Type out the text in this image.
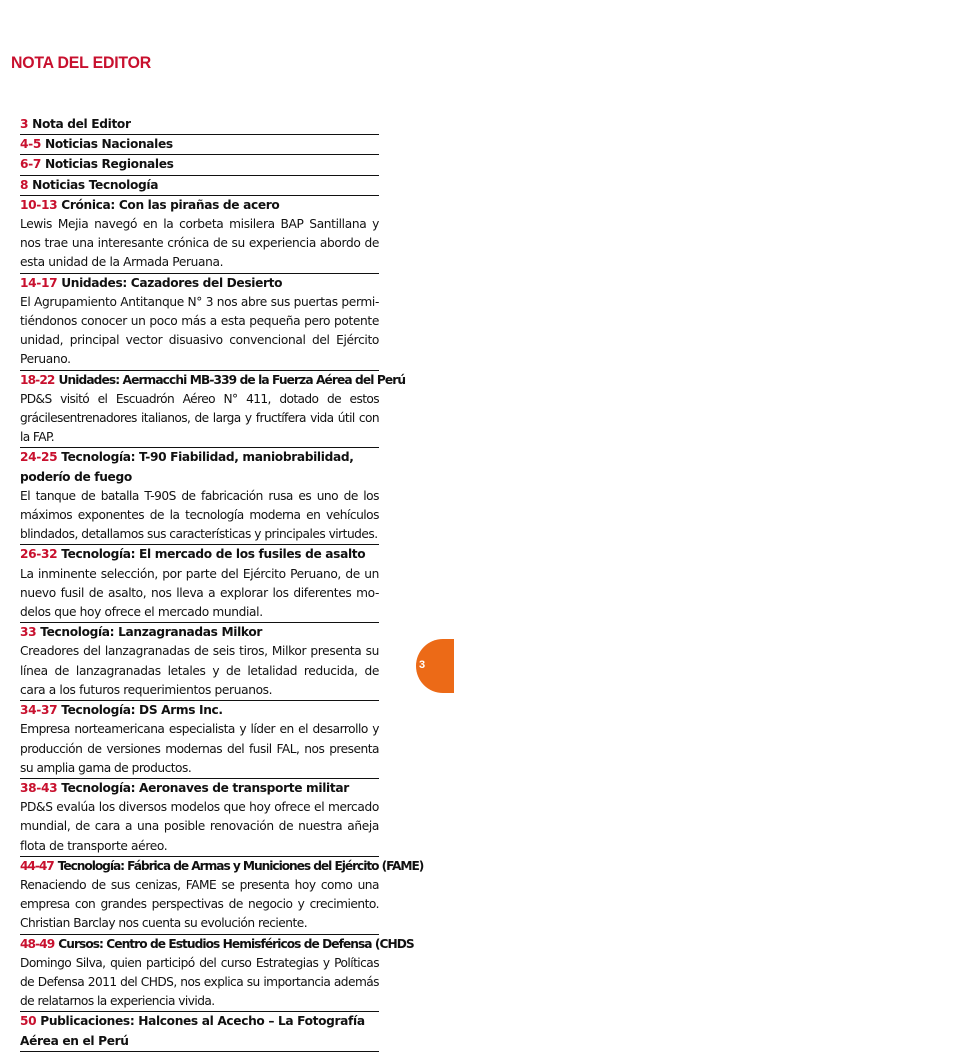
NOTA DEL EDITOR
3 Nota del Editor
4-5 Noticias Nacionales
6-7 Noticias Regionales
8 Noticias Tecnología
10-13 Crónica: Con las pirañas de acero
Lewis Mejia navegó en la corbeta misilera BAP Santillana y nos trae una interesante crónica de su experiencia abordo de esta unidad de la Armada Peruana.
14-17 Unidades: Cazadores del Desierto
El Agrupamiento Antitanque N° 3 nos abre sus puertas permi-tiéndonos conocer un poco más a esta pequeña pero potente unidad, principal vector disuasivo convencional del Ejército Peruano.
18-22 Unidades: Aermacchi MB-339 de la Fuerza Aérea del Perú
PD&S visitó el Escuadrón Aéreo N° 411, dotado de estos grácilesentrenadores italianos, de larga y fructífera vida útil con la FAP.
24-25 Tecnología: T-90 Fiabilidad, maniobrabilidad, poderío de fuego
El tanque de batalla T-90S de fabricación rusa es uno de los máximos exponentes de la tecnología moderna en vehículos blindados, detallamos sus características y principales virtudes.
26-32 Tecnología: El mercado de los fusiles de asalto
La inminente selección, por parte del Ejército Peruano, de un nuevo fusil de asalto, nos lleva a explorar los diferentes mo-delos que hoy ofrece el mercado mundial.
33 Tecnología: Lanzagranadas Milkor
Creadores del lanzagranadas de seis tiros, Milkor presenta su línea de lanzagranadas letales y de letalidad reducida, de cara a los futuros requerimientos peruanos.
34-37 Tecnología: DS Arms Inc.
Empresa norteamericana especialista y líder en el desarrollo y producción de versiones modernas del fusil FAL, nos presenta su amplia gama de productos.
38-43 Tecnología: Aeronaves de transporte militar
PD&S evalúa los diversos modelos que hoy ofrece el mercado mundial, de cara a una posible renovación de nuestra añeja flota de transporte aéreo.
44-47 Tecnología: Fábrica de Armas y Municiones del Ejército (FAME)
Renaciendo de sus cenizas, FAME se presenta hoy como una empresa con grandes perspectivas de negocio y crecimiento. Christian Barclay nos cuenta su evolución reciente.
48-49 Cursos: Centro de Estudios Hemisféricos de Defensa (CHDS
Domingo Silva, quien participó del curso Estrategias y Políticas de Defensa 2011 del CHDS, nos explica su importancia además de relatarnos la experiencia vivida.
50 Publicaciones: Halcones al Acecho – La Fotografía Aérea en el Perú
3
